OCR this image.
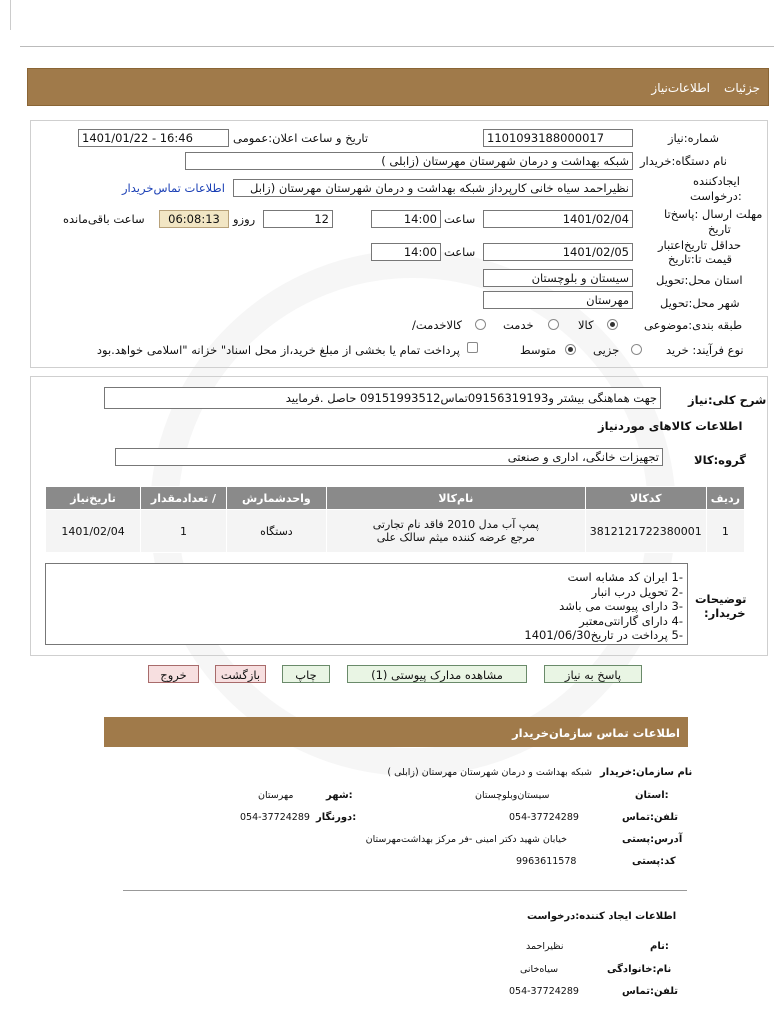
جزئیات
اطلاعات‌نیاز
شماره:نیاز
1101093188000017
تاریخ و ساعت اعلان:عمومی
1401/01/22 - 16:46
نام دستگاه:خریدار
شبکه بهداشت و درمان شهرستان مهرستان (زابلی )
ایجادکننده
درخواست:
نظیراحمد سیاه خانی کارپرداز شبکه بهداشت و درمان شهرستان مهرستان (زابل
اطلاعات تماس‌خریدار
مهلت ارسال :پاسخ‌تا
تاریخ
1401/02/04
ساعت
14:00
12
روزو
06:08:13
ساعت باقی‌مانده
حداقل تاریخ‌اعتبار
قیمت تا:تاریخ
1401/02/05
ساعت
14:00
استان محل:تحویل
سیستان و بلوچستان
شهر محل:تحویل
مهرستان
طبقه بندی:موضوعی
کالا
خدمت
/کالاخدمت
نوع فرآیند: خرید
جزیی
متوسط
پرداخت تمام یا بخشی از مبلغ خرید،از محل اسناد" خزانه "اسلامی خواهد.بود
شرح کلی:نیاز
جهت هماهنگی بیشتر و09156319193تماس09151993512 حاصل .فرمایید
اطلاعات کالاهای موردنیاز
گروه:کالا
تجهیزات خانگی، اداری و صنعتی
ردیف	کدکالا	نام‌کالا	واحدشمارش	/ تعدادمقدار	تاریخ‌نیاز
1	3812121722380001	پمپ آب مدل 2010 فاقد نام تجارتی مرجع عرضه کننده میثم سالک علی	دستگاه	1	1401/02/04
توضیحات
:خریدار
-1 ایران کد مشابه است
-2 تحویل درب انبار
-3 دارای پیوست می باشد
-4 دارای گارانتی‌معتبر
-5 پرداخت در تاریخ1401/06/30
پاسخ به نیاز
مشاهده مدارک پیوستی (1)
چاپ
بازگشت
خروج
اطلاعات تماس سازمان‌خریدار
نام سازمان:خریدار
شبکه بهداشت و درمان شهرستان مهرستان (زابلی )
استان:
سیستان‌وبلوچستان
شهر:
مهرستان
تلفن:تماس
054-37724289
دورنگار:
054-37724289
آدرس:پستی
خیابان شهید دکتر امینی -فر مرکز بهداشت‌مهرستان
کد:پستی
9963611578
اطلاعات ایجاد کننده:درخواست
نام:
نظیراحمد
نام:خانوادگی
سیاه‌خانی
تلفن:تماس
054-37724289
